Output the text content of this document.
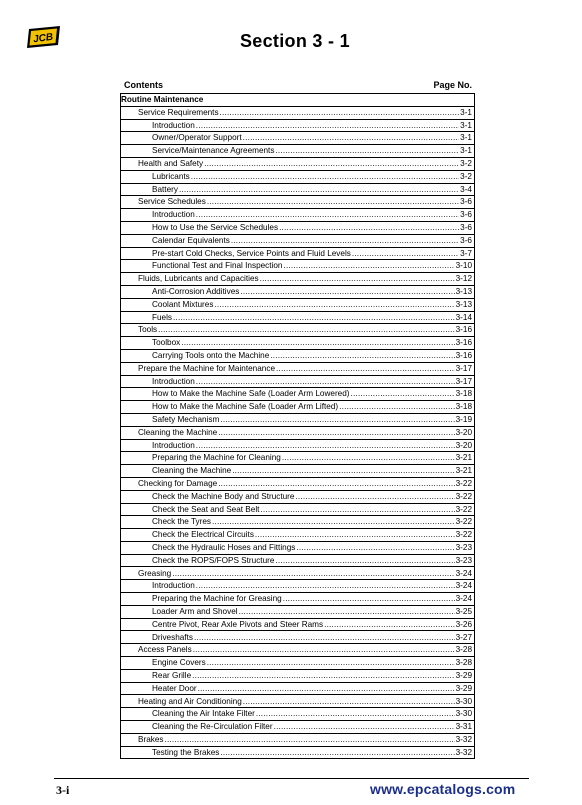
JCB	Section 3 - 1
Contents	Page No.
Routine Maintenance
Service Requirements .....	3-1
Introduction .....	3-1
Owner/Operator Support .....	3-1
Service/Maintenance Agreements .....	3-1
Health and Safety .....	3-2
Lubricants .....	3-2
Battery .....	3-4
Service Schedules .....	3-6
Introduction .....	3-6
How to Use the Service Schedules .....	3-6
Calendar Equivalents .....	3-6
Pre-start Cold Checks, Service Points and Fluid Levels .....	3-7
Functional Test and Final Inspection .....	3-10
Fluids, Lubricants and Capacities .....	3-12
Anti-Corrosion Additives .....	3-13
Coolant Mixtures .....	3-13
Fuels .....	3-14
Tools .....	3-16
Toolbox .....	3-16
Carrying Tools onto the Machine .....	3-16
Prepare the Machine for Maintenance .....	3-17
Introduction .....	3-17
How to Make the Machine Safe (Loader Arm Lowered) .....	3-18
How to Make the Machine Safe (Loader Arm Lifted) .....	3-18
Safety Mechanism .....	3-19
Cleaning the Machine .....	3-20
Introduction .....	3-20
Preparing the Machine for Cleaning .....	3-21
Cleaning the Machine .....	3-21
Checking for Damage .....	3-22
Check the Machine Body and Structure .....	3-22
Check the Seat and Seat Belt .....	3-22
Check the Tyres .....	3-22
Check the Electrical Circuits .....	3-22
Check the Hydraulic Hoses and Fittings .....	3-23
Check the ROPS/FOPS Structure .....	3-23
Greasing .....	3-24
Introduction .....	3-24
Preparing the Machine for Greasing .....	3-24
Loader Arm and Shovel .....	3-25
Centre Pivot, Rear Axle Pivots and Steer Rams .....	3-26
Driveshafts .....	3-27
Access Panels .....	3-28
Engine Covers .....	3-28
Rear Grille .....	3-29
Heater Door .....	3-29
Heating and Air Conditioning .....	3-30
Cleaning the Air Intake Filter .....	3-30
Cleaning the Re-Circulation Filter .....	3-31
Brakes .....	3-32
Testing the Brakes .....	3-32
3-i	www.epcatalogs.com
